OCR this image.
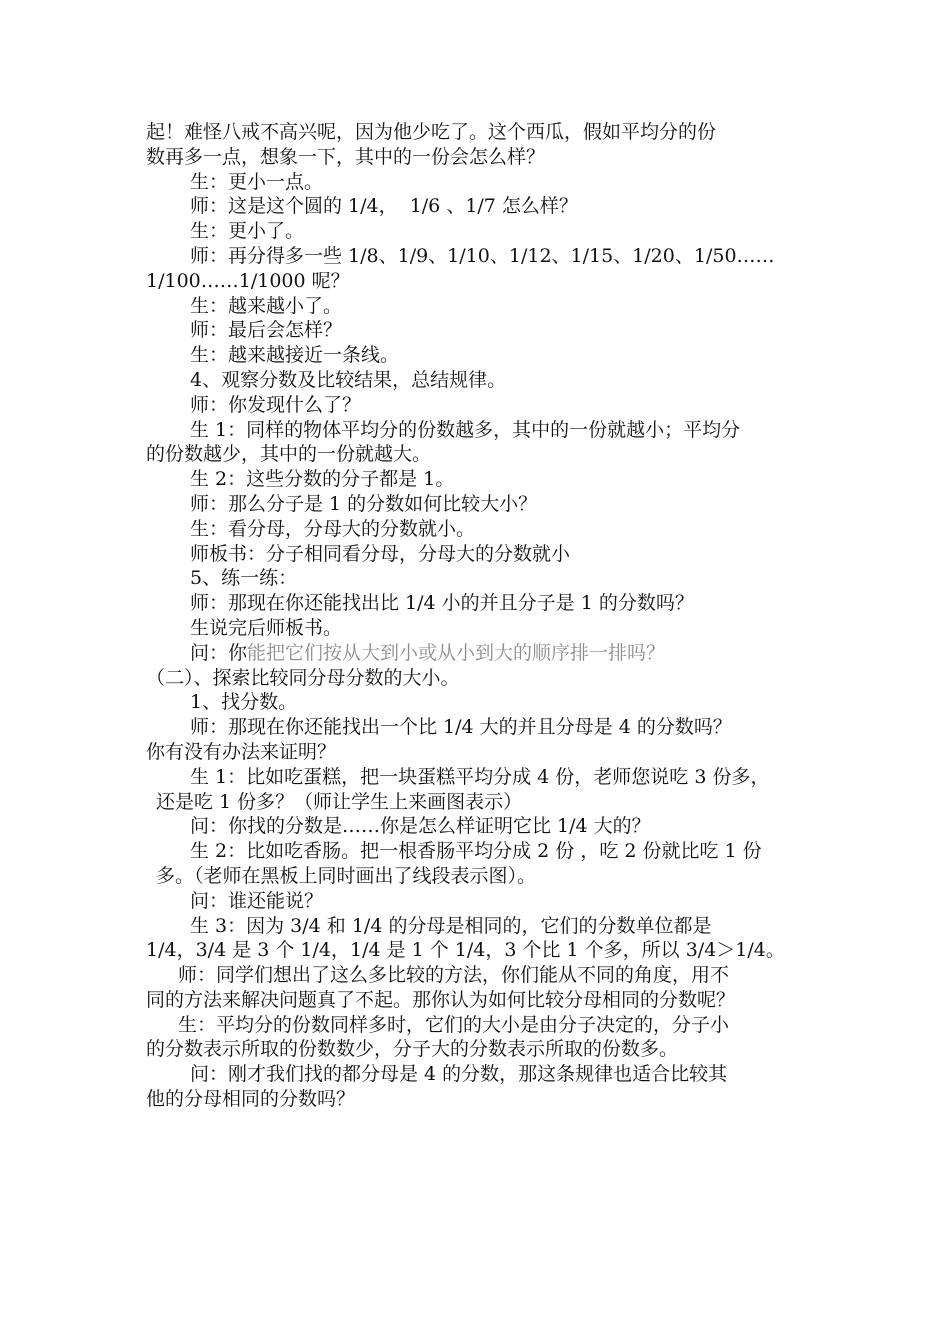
起！难怪八戒不高兴呢，因为他少吃了。这个西瓜，假如平均分的份
数再多一点，想象一下，其中的一份会怎么样？
生：更小一点。
师：这是这个圆的 1/4，  1/6 、1/7 怎么样？
生：更小了。
师：再分得多一些 1/8、1/9、1/10、1/12、1/15、1/20、1/50……
1/100……1/1000 呢？
生：越来越小了。
师：最后会怎样？
生：越来越接近一条线。
4、观察分数及比较结果，总结规律。
师：你发现什么了？
生 1：同样的物体平均分的份数越多，其中的一份就越小；平均分
的份数越少，其中的一份就越大。
生 2：这些分数的分子都是 1。
师：那么分子是 1 的分数如何比较大小？
生：看分母，分母大的分数就小。
师板书：分子相同看分母，分母大的分数就小
5、练一练：
师：那现在你还能找出比 1/4 小的并且分子是 1 的分数吗？
生说完后师板书。
问：你能把它们按从大到小或从小到大的顺序排一排吗？
（二）、探索比较同分母分数的大小。
1、找分数。
师：那现在你还能找出一个比 1/4 大的并且分母是 4 的分数吗？
你有没有办法来证明？
生 1：比如吃蛋糕，把一块蛋糕平均分成 4 份，老师您说吃 3 份多，
还是吃 1 份多？（师让学生上来画图表示）
问：你找的分数是……你是怎么样证明它比 1/4 大的？
生 2：比如吃香肠。把一根香肠平均分成 2 份 ，吃 2 份就比吃 1 份
多。（老师在黑板上同时画出了线段表示图）。
问：谁还能说？
生 3：因为 3/4 和 1/4 的分母是相同的，它们的分数单位都是
1/4，3/4 是 3 个 1/4，1/4 是 1 个 1/4，3 个比 1 个多，所以 3/4＞1/4。
师：同学们想出了这么多比较的方法，你们能从不同的角度，用不
同的方法来解决问题真了不起。那你认为如何比较分母相同的分数呢？
生：平均分的份数同样多时，它们的大小是由分子决定的，分子小
的分数表示所取的份数数少，分子大的分数表示所取的份数多。
问：刚才我们找的都分母是 4 的分数，那这条规律也适合比较其
他的分母相同的分数吗？
